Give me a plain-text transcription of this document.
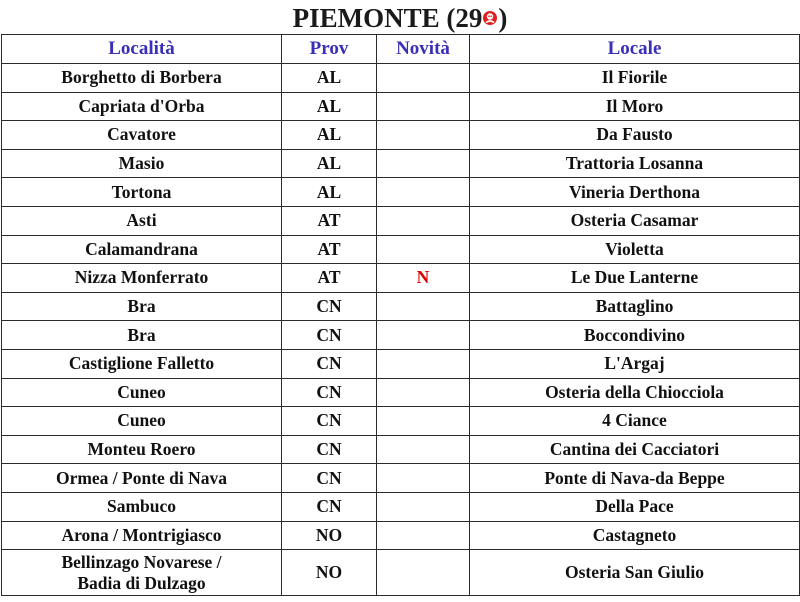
PIEMONTE (29 )
Località	Prov	Novità	Locale
Borghetto di Borbera	AL		Il Fiorile
Capriata d'Orba	AL		Il Moro
Cavatore	AL		Da Fausto
Masio	AL		Trattoria Losanna
Tortona	AL		Vineria Derthona
Asti	AT		Osteria Casamar
Calamandrana	AT		Violetta
Nizza Monferrato	AT	N	Le Due Lanterne
Bra	CN		Battaglino
Bra	CN		Boccondivino
Castiglione Falletto	CN		L'Argaj
Cuneo	CN		Osteria della Chiocciola
Cuneo	CN		4 Ciance
Monteu Roero	CN		Cantina dei Cacciatori
Ormea / Ponte di Nava	CN		Ponte di Nava-da Beppe
Sambuco	CN		Della Pace
Arona / Montrigiasco	NO		Castagneto
Bellinzago Novarese /
Badia di Dulzago	NO		Osteria San Giulio
